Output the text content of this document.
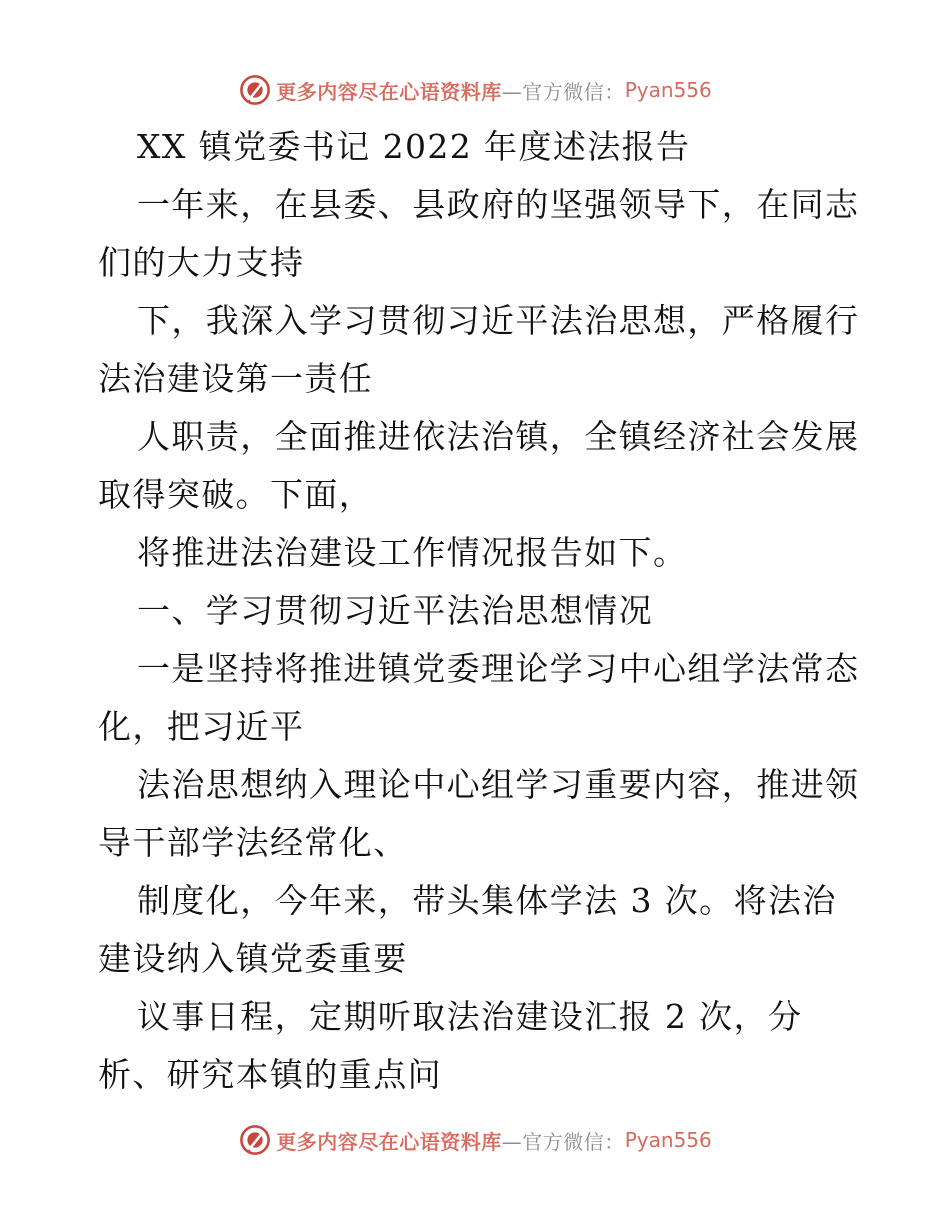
更多内容尽在心语资料库 —官方微信： Pyan556
XX 镇党委书记 2022 年度述法报告
一年来，在县委、县政府的坚强领导下，在同志
们的大力支持
下，我深入学习贯彻习近平法治思想，严格履行
法治建设第一责任
人职责，全面推进依法治镇，全镇经济社会发展
取得突破。下面，
将推进法治建设工作情况报告如下。
一、学习贯彻习近平法治思想情况
一是坚持将推进镇党委理论学习中心组学法常态
化，把习近平
法治思想纳入理论中心组学习重要内容，推进领
导干部学法经常化、
制度化，今年来，带头集体学法 3 次。将法治
建设纳入镇党委重要
议事日程，定期听取法治建设汇报 2 次，分
析、研究本镇的重点问
更多内容尽在心语资料库 —官方微信： Pyan556
